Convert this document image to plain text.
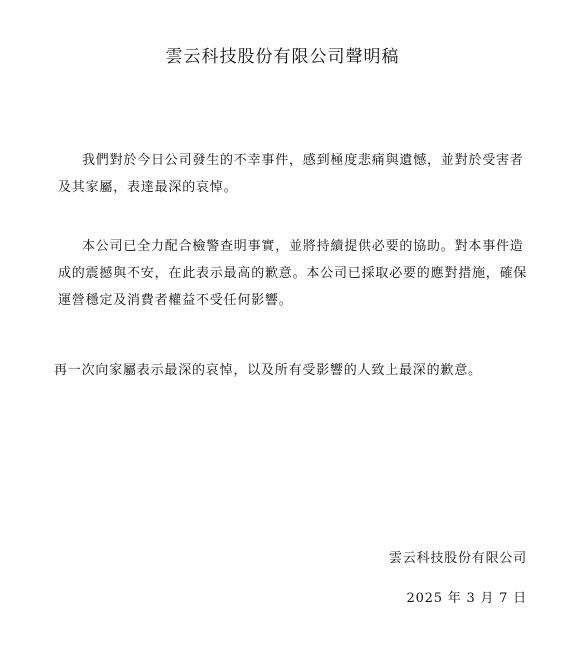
雲云科技股份有限公司聲明稿

我們對於今日公司發生的不幸事件，感到極度悲痛與遺憾，並對於受害者及其家屬，表達最深的哀悼。

本公司已全力配合檢警查明事實，並將持續提供必要的協助。對本事件造成的震撼與不安，在此表示最高的歉意。本公司已採取必要的應對措施，確保運營穩定及消費者權益不受任何影響。

再一次向家屬表示最深的哀悼，以及所有受影響的人致上最深的歉意。

雲云科技股份有限公司
2025 年 3 月 7 日
